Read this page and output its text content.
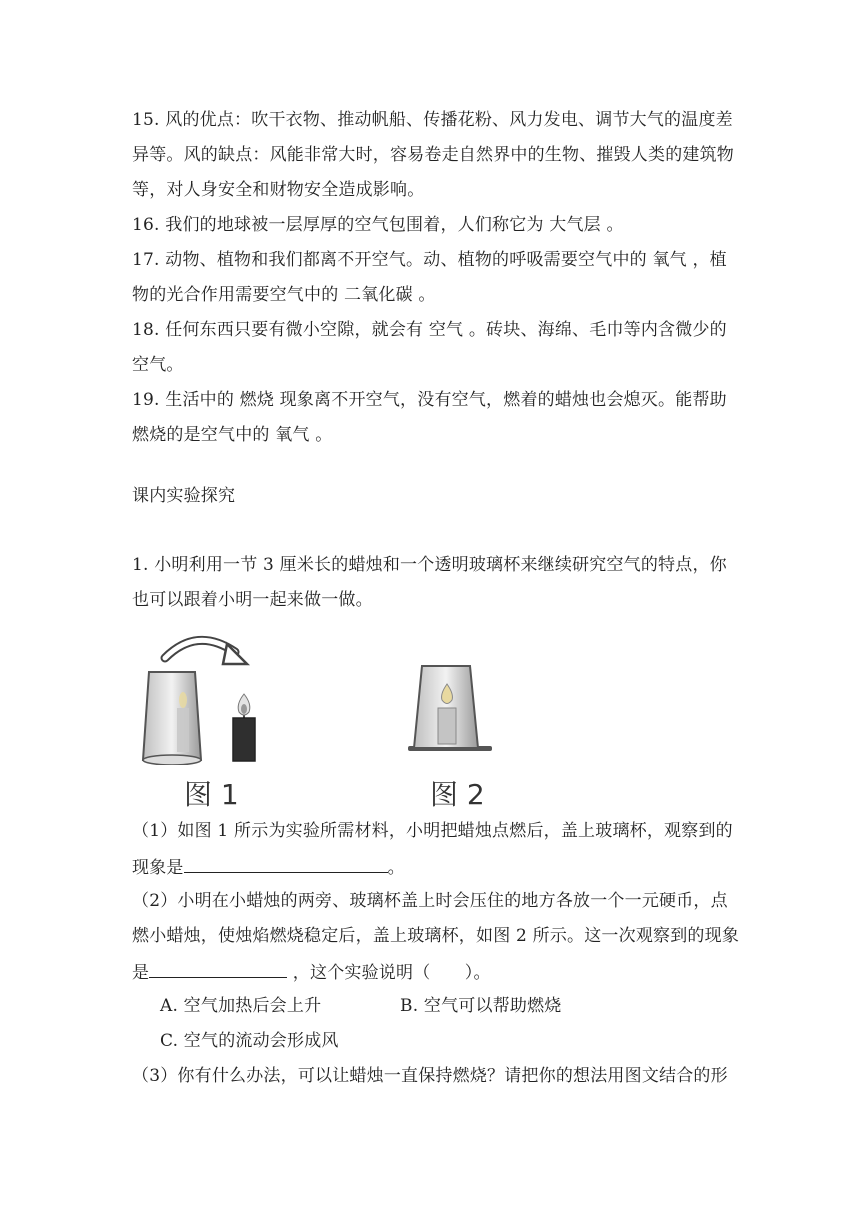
15. 风的优点：吹干衣物、推动帆船、传播花粉、风力发电、调节大气的温度差
异等。风的缺点：风能非常大时，容易卷走自然界中的生物、摧毁人类的建筑物
等，对人身安全和财物安全造成影响。
16. 我们的地球被一层厚厚的空气包围着，人们称它为 大气层 。
17. 动物、植物和我们都离不开空气。动、植物的呼吸需要空气中的 氧气 ，植
物的光合作用需要空气中的 二氧化碳 。
18. 任何东西只要有微小空隙，就会有 空气 。砖块、海绵、毛巾等内含微少的
空气。
19. 生活中的 燃烧 现象离不开空气，没有空气，燃着的蜡烛也会熄灭。能帮助
燃烧的是空气中的 氧气 。
课内实验探究
1. 小明利用一节 3 厘米长的蜡烛和一个透明玻璃杯来继续研究空气的特点，你
也可以跟着小明一起来做一做。
图 1	图 2
（1）如图 1 所示为实验所需材料，小明把蜡烛点燃后，盖上玻璃杯，观察到的
现象是	。
（2）小明在小蜡烛的两旁、玻璃杯盖上时会压住的地方各放一个一元硬币，点
燃小蜡烛，使烛焰燃烧稳定后，盖上玻璃杯，如图 2 所示。这一次观察到的现象
是	，这个实验说明（　　）。
A. 空气加热后会上升	B. 空气可以帮助燃烧
C. 空气的流动会形成风
（3）你有什么办法，可以让蜡烛一直保持燃烧？请把你的想法用图文结合的形
